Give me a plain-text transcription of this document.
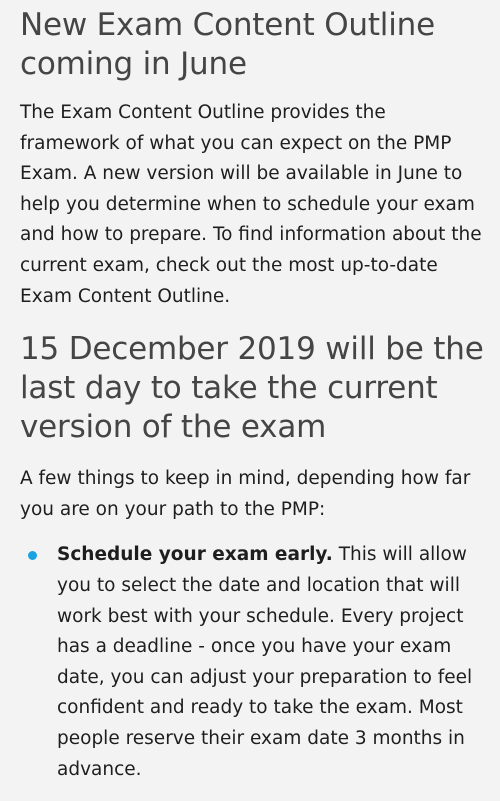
New Exam Content Outline coming in June

The Exam Content Outline provides the framework of what you can expect on the PMP Exam. A new version will be available in June to help you determine when to schedule your exam and how to prepare. To find information about the current exam, check out the most up-to-date Exam Content Outline.

15 December 2019 will be the last day to take the current version of the exam

A few things to keep in mind, depending how far you are on your path to the PMP:

Schedule your exam early. This will allow you to select the date and location that will work best with your schedule. Every project has a deadline - once you have your exam date, you can adjust your preparation to feel confident and ready to take the exam. Most people reserve their exam date 3 months in advance.
